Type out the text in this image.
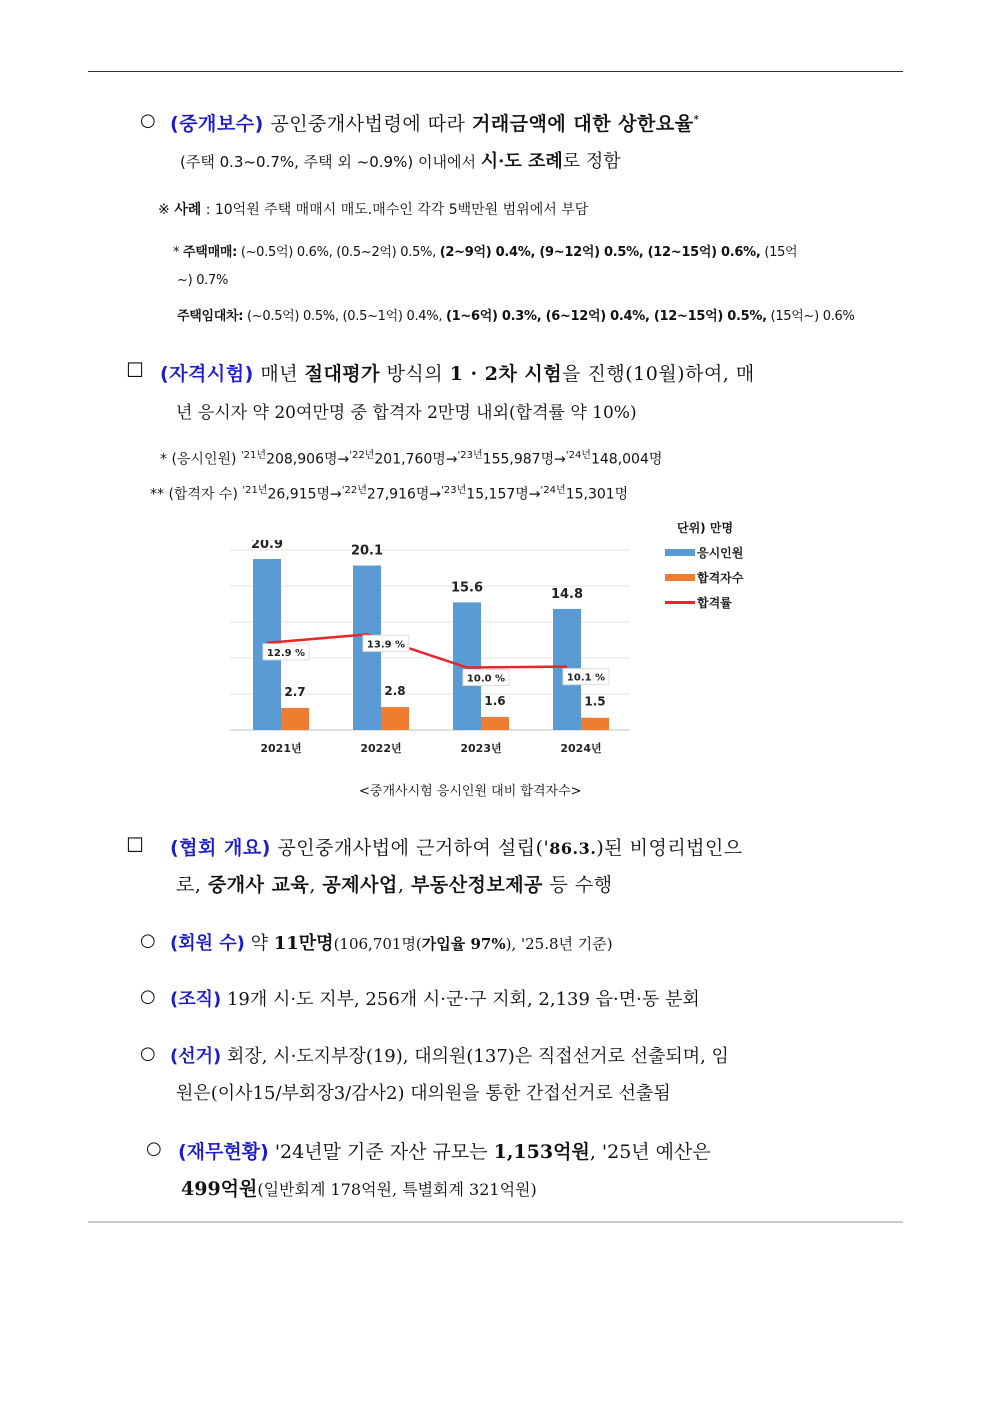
○ (중개보수) 공인중개사법령에 따라 거래금액에 대한 상한요율*
(주택 0.3~0.7%, 주택 외 ~0.9%) 이내에서 시·도 조례로 정함
※ 사례 : 10억원 주택 매매시 매도.매수인 각각 5백만원 범위에서 부담
* 주택매매: (~0.5억) 0.6%, (0.5~2억) 0.5%, (2~9억) 0.4%, (9~12억) 0.5%, (12~15억) 0.6%, (15억
~) 0.7%
주택임대차: (~0.5억) 0.5%, (0.5~1억) 0.4%, (1~6억) 0.3%, (6~12억) 0.4%, (12~15억) 0.5%, (15억~) 0.6%
☐ (자격시험) 매년 절대평가 방식의 1 · 2차 시험을 진행(10월)하여, 매
년 응시자 약 20여만명 중 합격자 2만명 내외(합격률 약 10%)
* (응시인원) $^{'21년}$208,906명→$^{'22년}$201,760명→$^{'23년}$155,987명→$^{'24년}$148,004명
** (합격자 수) $^{'21년}$26,915명→$^{'22년}$27,916명→$^{'23년}$15,157명→$^{'24년}$15,301명
20.9
2.7
2021년
20.1
2.8
2022년
15.6
1.6
2023년
14.8
1.5
2024년
12.9 %
13.9 %
10.0 %	10.1 %
단위) 만명
응시인원
합격자수
합격률
<중개사시험 응시인원 대비 합격자수>
☐ (협회 개요) 공인중개사법에 근거하여 설립('86.3.)된 비영리법인으
로, 중개사 교육, 공제사업, 부동산정보제공 등 수행
○ (회원 수) 약 11만명(106,701명(가입율 97%), '25.8년 기준)
○ (조직) 19개 시·도 지부, 256개 시·군·구 지회, 2,139 읍·면·동 분회
○ (선거) 회장, 시·도지부장(19), 대의원(137)은 직접선거로 선출되며, 임
원은(이사15/부회장3/감사2) 대의원을 통한 간접선거로 선출됨
○ (재무현황) '24년말 기준 자산 규모는 1,153억원, '25년 예산은
499억원(일반회계 178억원, 특별회계 321억원)
